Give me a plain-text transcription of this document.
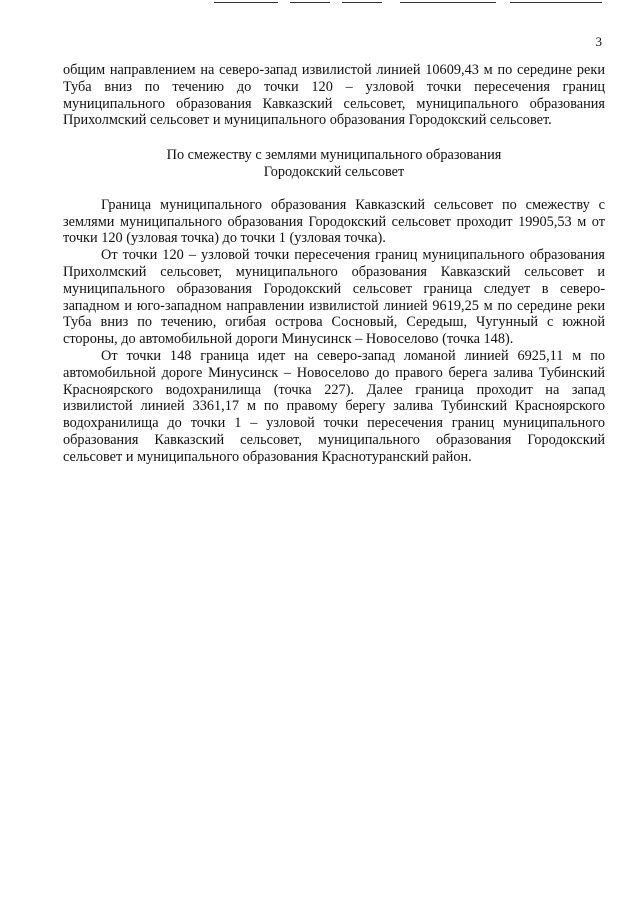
3

общим направлением на северо-запад извилистой линией 10609,43 м по середине реки Туба вниз по течению до точки 120 – узловой точки пересечения границ муниципального образования Кавказский сельсовет, муниципального образования Прихолмский сельсовет и муниципального образования Городокский сельсовет.

По смежеству с землями муниципального образования
Городокский сельсовет

Граница муниципального образования Кавказский сельсовет по смежеству с землями муниципального образования Городокский сельсовет проходит 19905,53 м от точки 120 (узловая точка) до точки 1 (узловая точка).

От точки 120 – узловой точки пересечения границ муниципального образования Прихолмский сельсовет, муниципального образования Кавказский сельсовет и муниципального образования Городокский сельсовет граница следует в северо-западном и юго-западном направлении извилистой линией 9619,25 м по середине реки Туба вниз по течению, огибая острова Сосновый, Середыш, Чугунный с южной стороны, до автомобильной дороги Минусинск – Новоселово (точка 148).

От точки 148 граница идет на северо-запад ломаной линией 6925,11 м по автомобильной дороге Минусинск – Новоселово до правого берега залива Тубинский Красноярского водохранилища (точка 227). Далее граница проходит на запад извилистой линией 3361,17 м по правому берегу залива Тубинский Красноярского водохранилища до точки 1 – узловой точки пересечения границ муниципального образования Кавказский сельсовет, муниципального образования Городокский сельсовет и муниципального образования Краснотуранский район.
